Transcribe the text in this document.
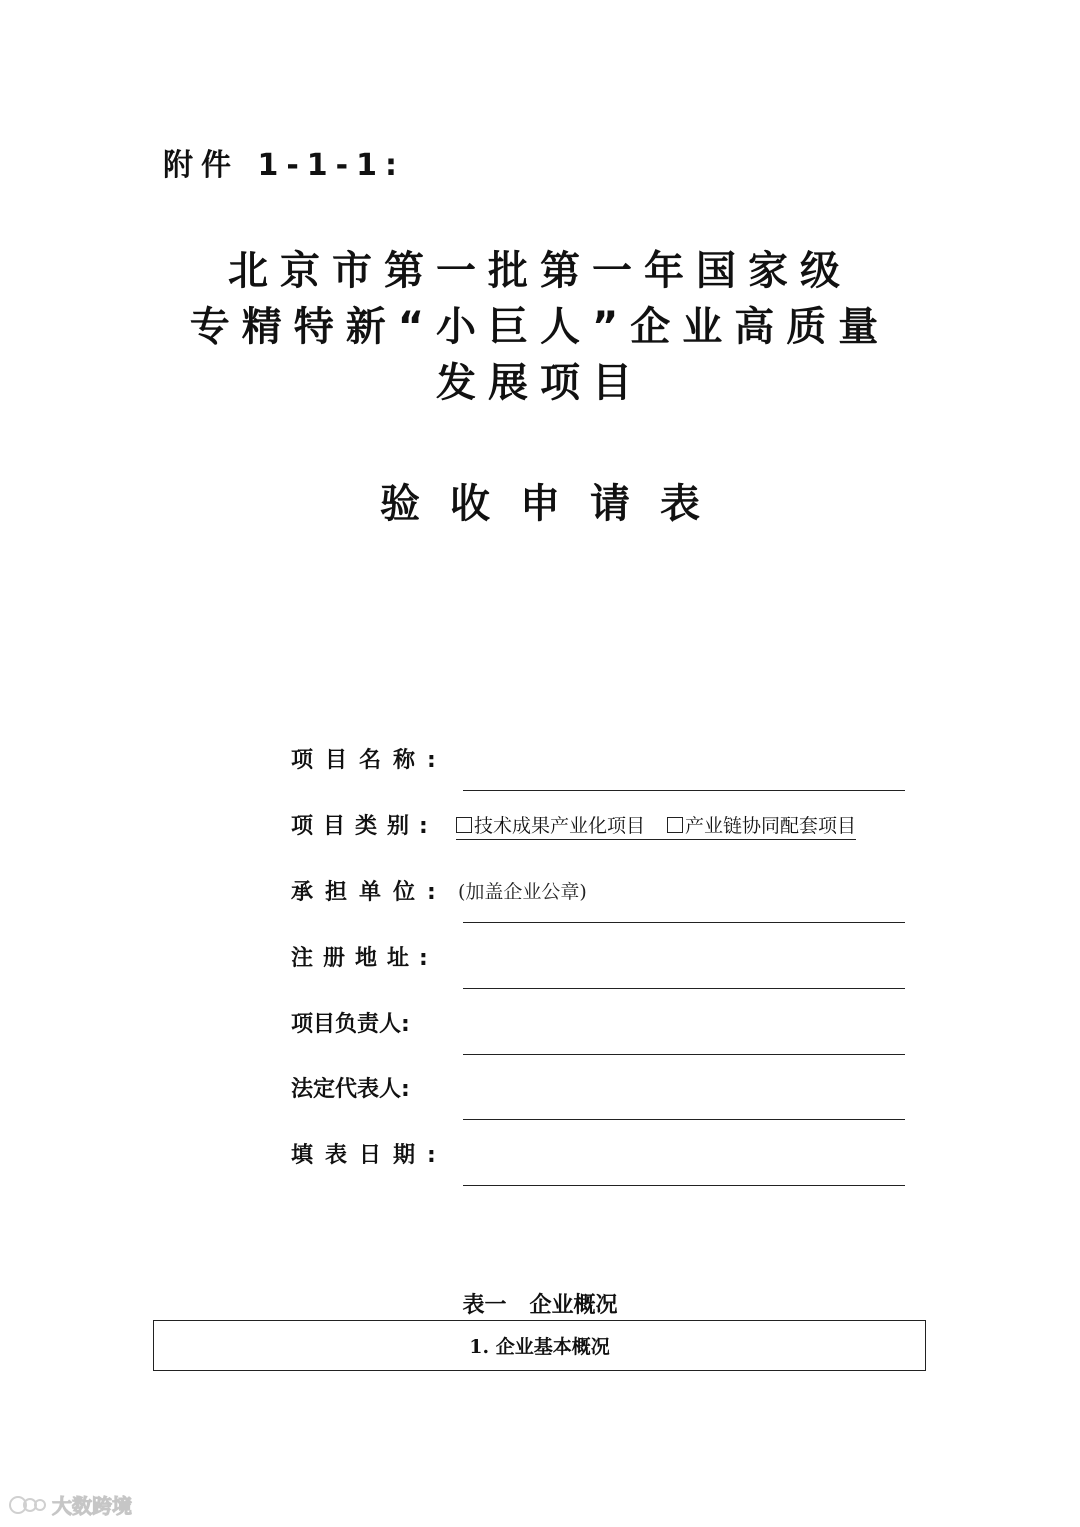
附件 1-1-1:
北京市第一批第一年国家级
专精特新“小巨人”企业高质量
发展项目
验收申请表
项目名称:
项目类别:	技术成果产业化项目 产业链协同配套项目
承担单位: (加盖企业公章)
注册地址:
项目负责人:
法定代表人:
填表日期:
表一   企业概况
1. 企业基本概况
大数跨境
